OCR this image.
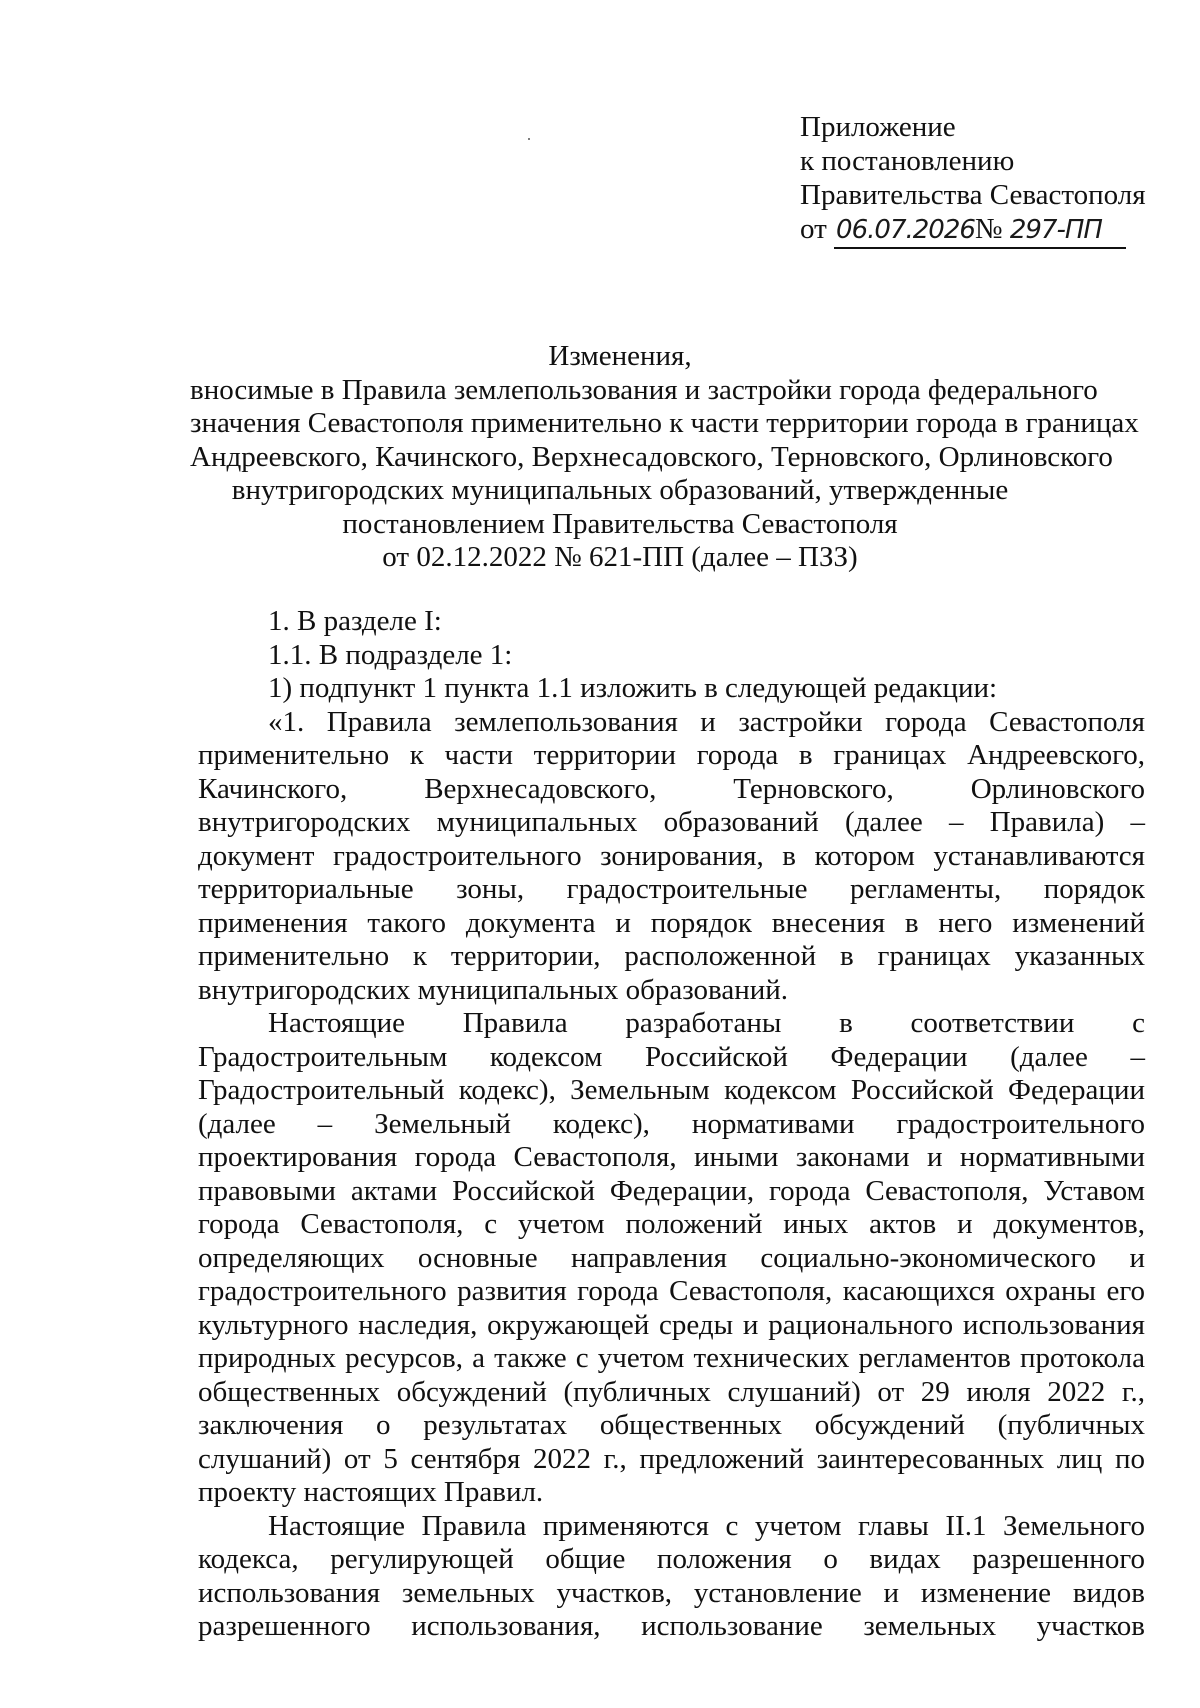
Приложение
к постановлению
Правительства Севастополя
от 06.07.2026№ 297-ПП
Изменения,
вносимые в Правила землепользования и застройки города федерального
значения Севастополя применительно к части территории города в границах
Андреевского, Качинского, Верхнесадовского, Терновского, Орлиновского
внутригородских муниципальных образований, утвержденные
постановлением Правительства Севастополя
от 02.12.2022 № 621-ПП (далее – ПЗЗ)
1. В разделе I:
1.1. В подразделе 1:
1) подпункт 1 пункта 1.1 изложить в следующей редакции:
«1. Правила землепользования и застройки города Севастополя применительно к части территории города в границах Андреевского, Качинского, Верхнесадовского, Терновского, Орлиновского внутригородских муниципальных образований (далее – Правила) – документ градостроительного зонирования, в котором устанавливаются территориальные зоны, градостроительные регламенты, порядок применения такого документа и порядок внесения в него изменений применительно к территории, расположенной в границах указанных внутригородских муниципальных образований.
Настоящие Правила разработаны в соответствии с Градостроительным кодексом Российской Федерации (далее – Градостроительный кодекс), Земельным кодексом Российской Федерации (далее – Земельный кодекс), нормативами градостроительного проектирования города Севастополя, иными законами и нормативными правовыми актами Российской Федерации, города Севастополя, Уставом города Севастополя, с учетом положений иных актов и документов, определяющих основные направления социально-экономического и градостроительного развития города Севастополя, касающихся охраны его культурного наследия, окружающей среды и рационального использования природных ресурсов, а также с учетом технических регламентов протокола общественных обсуждений (публичных слушаний) от 29 июля 2022 г., заключения о результатах общественных обсуждений (публичных слушаний) от 5 сентября 2022 г., предложений заинтересованных лиц по проекту настоящих Правил.
Настоящие Правила применяются с учетом главы II.1 Земельного кодекса, регулирующей общие положения о видах разрешенного использования земельных участков, установление и изменение видов разрешенного использования, использование земельных участков
